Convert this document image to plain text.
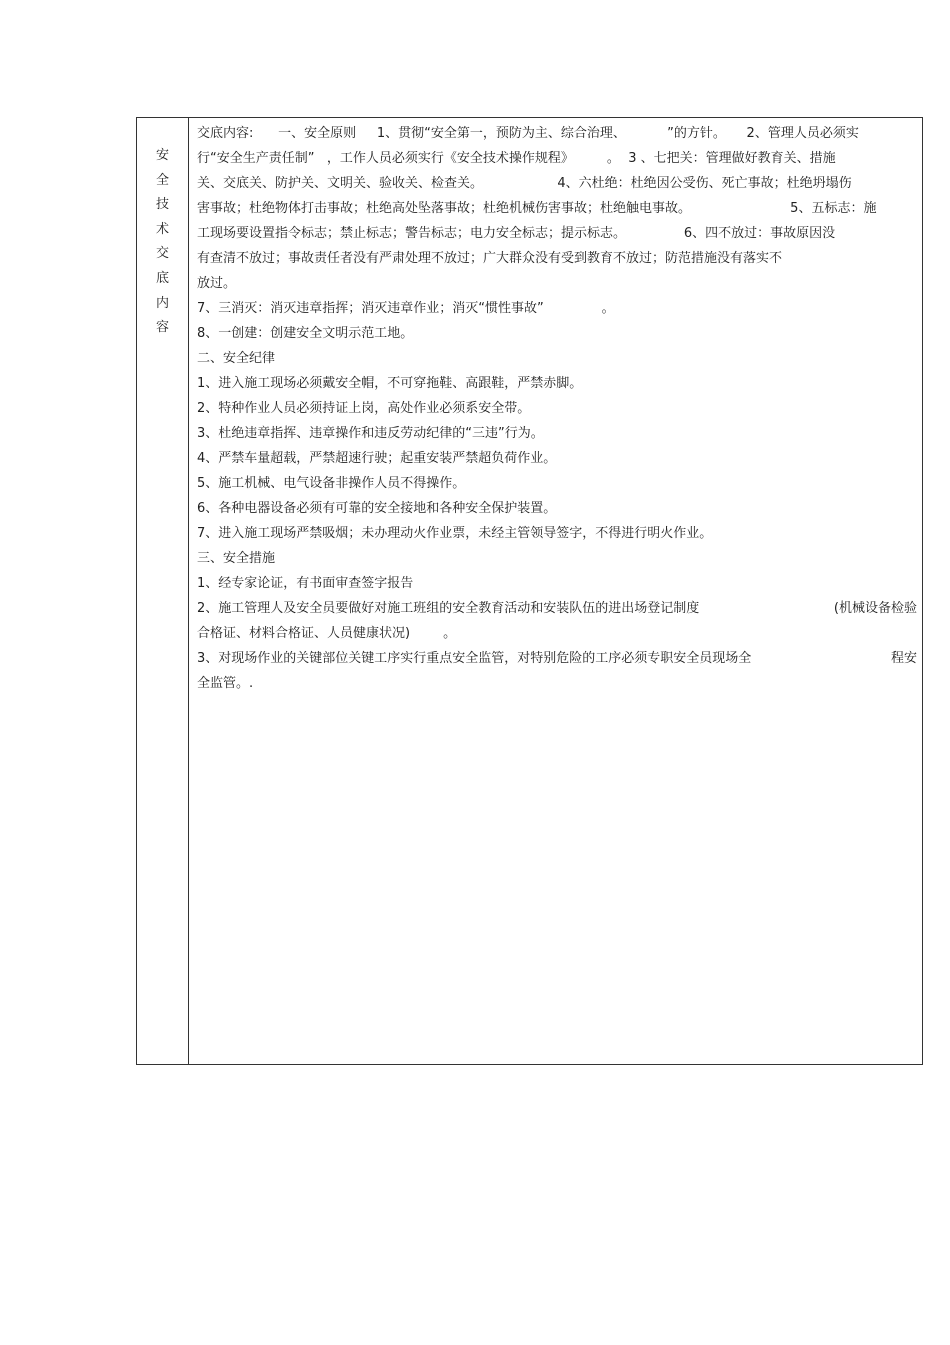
安
全
技
术
交
底
内
容
交底内容:      一、安全原则     1、贯彻“安全第一，预防为主、综合治理、          ”的方针。     2、管理人员必须实
行“安全生产责任制”   ，工作人员必须实行《安全技术操作规程》        。  3 、七把关：管理做好教育关、措施
关、交底关、防护关、文明关、验收关、检查关。                  4、六杜绝：杜绝因公受伤、死亡事故；杜绝坍塌伤
害事故；杜绝物体打击事故；杜绝高处坠落事故；杜绝机械伤害事故；杜绝触电事故。                        5、五标志：施
工现场要设置指令标志；禁止标志；警告标志；电力安全标志；提示标志。              6、四不放过：事故原因没
有查清不放过；事故责任者没有严肃处理不放过；广大群众没有受到教育不放过；防范措施没有落实不
放过。
7、三消灭：消灭违章指挥；消灭违章作业；消灭“惯性事故”              。
8、一创建：创建安全文明示范工地。
二、安全纪律
1、进入施工现场必须戴安全帽，不可穿拖鞋、高跟鞋，严禁赤脚。
2、特种作业人员必须持证上岗，高处作业必须系安全带。
3、杜绝违章指挥、违章操作和违反劳动纪律的“三违”行为。
4、严禁车量超载，严禁超速行驶；起重安装严禁超负荷作业。
5、施工机械、电气设备非操作人员不得操作。
6、各种电器设备必须有可靠的安全接地和各种安全保护装置。
7、进入施工现场严禁吸烟；未办理动火作业票，未经主管领导签字，不得进行明火作业。
三、安全措施
1、经专家论证，有书面审查签字报告
2、施工管理人及安全员要做好对施工班组的安全教育活动和安装队伍的进出场登记制度	(机械设备检验
合格证、材料合格证、人员健康状况)        。
3、对现场作业的关键部位关键工序实行重点安全监管，对特别危险的工序必须专职安全员现场全	程安
全监管。.
